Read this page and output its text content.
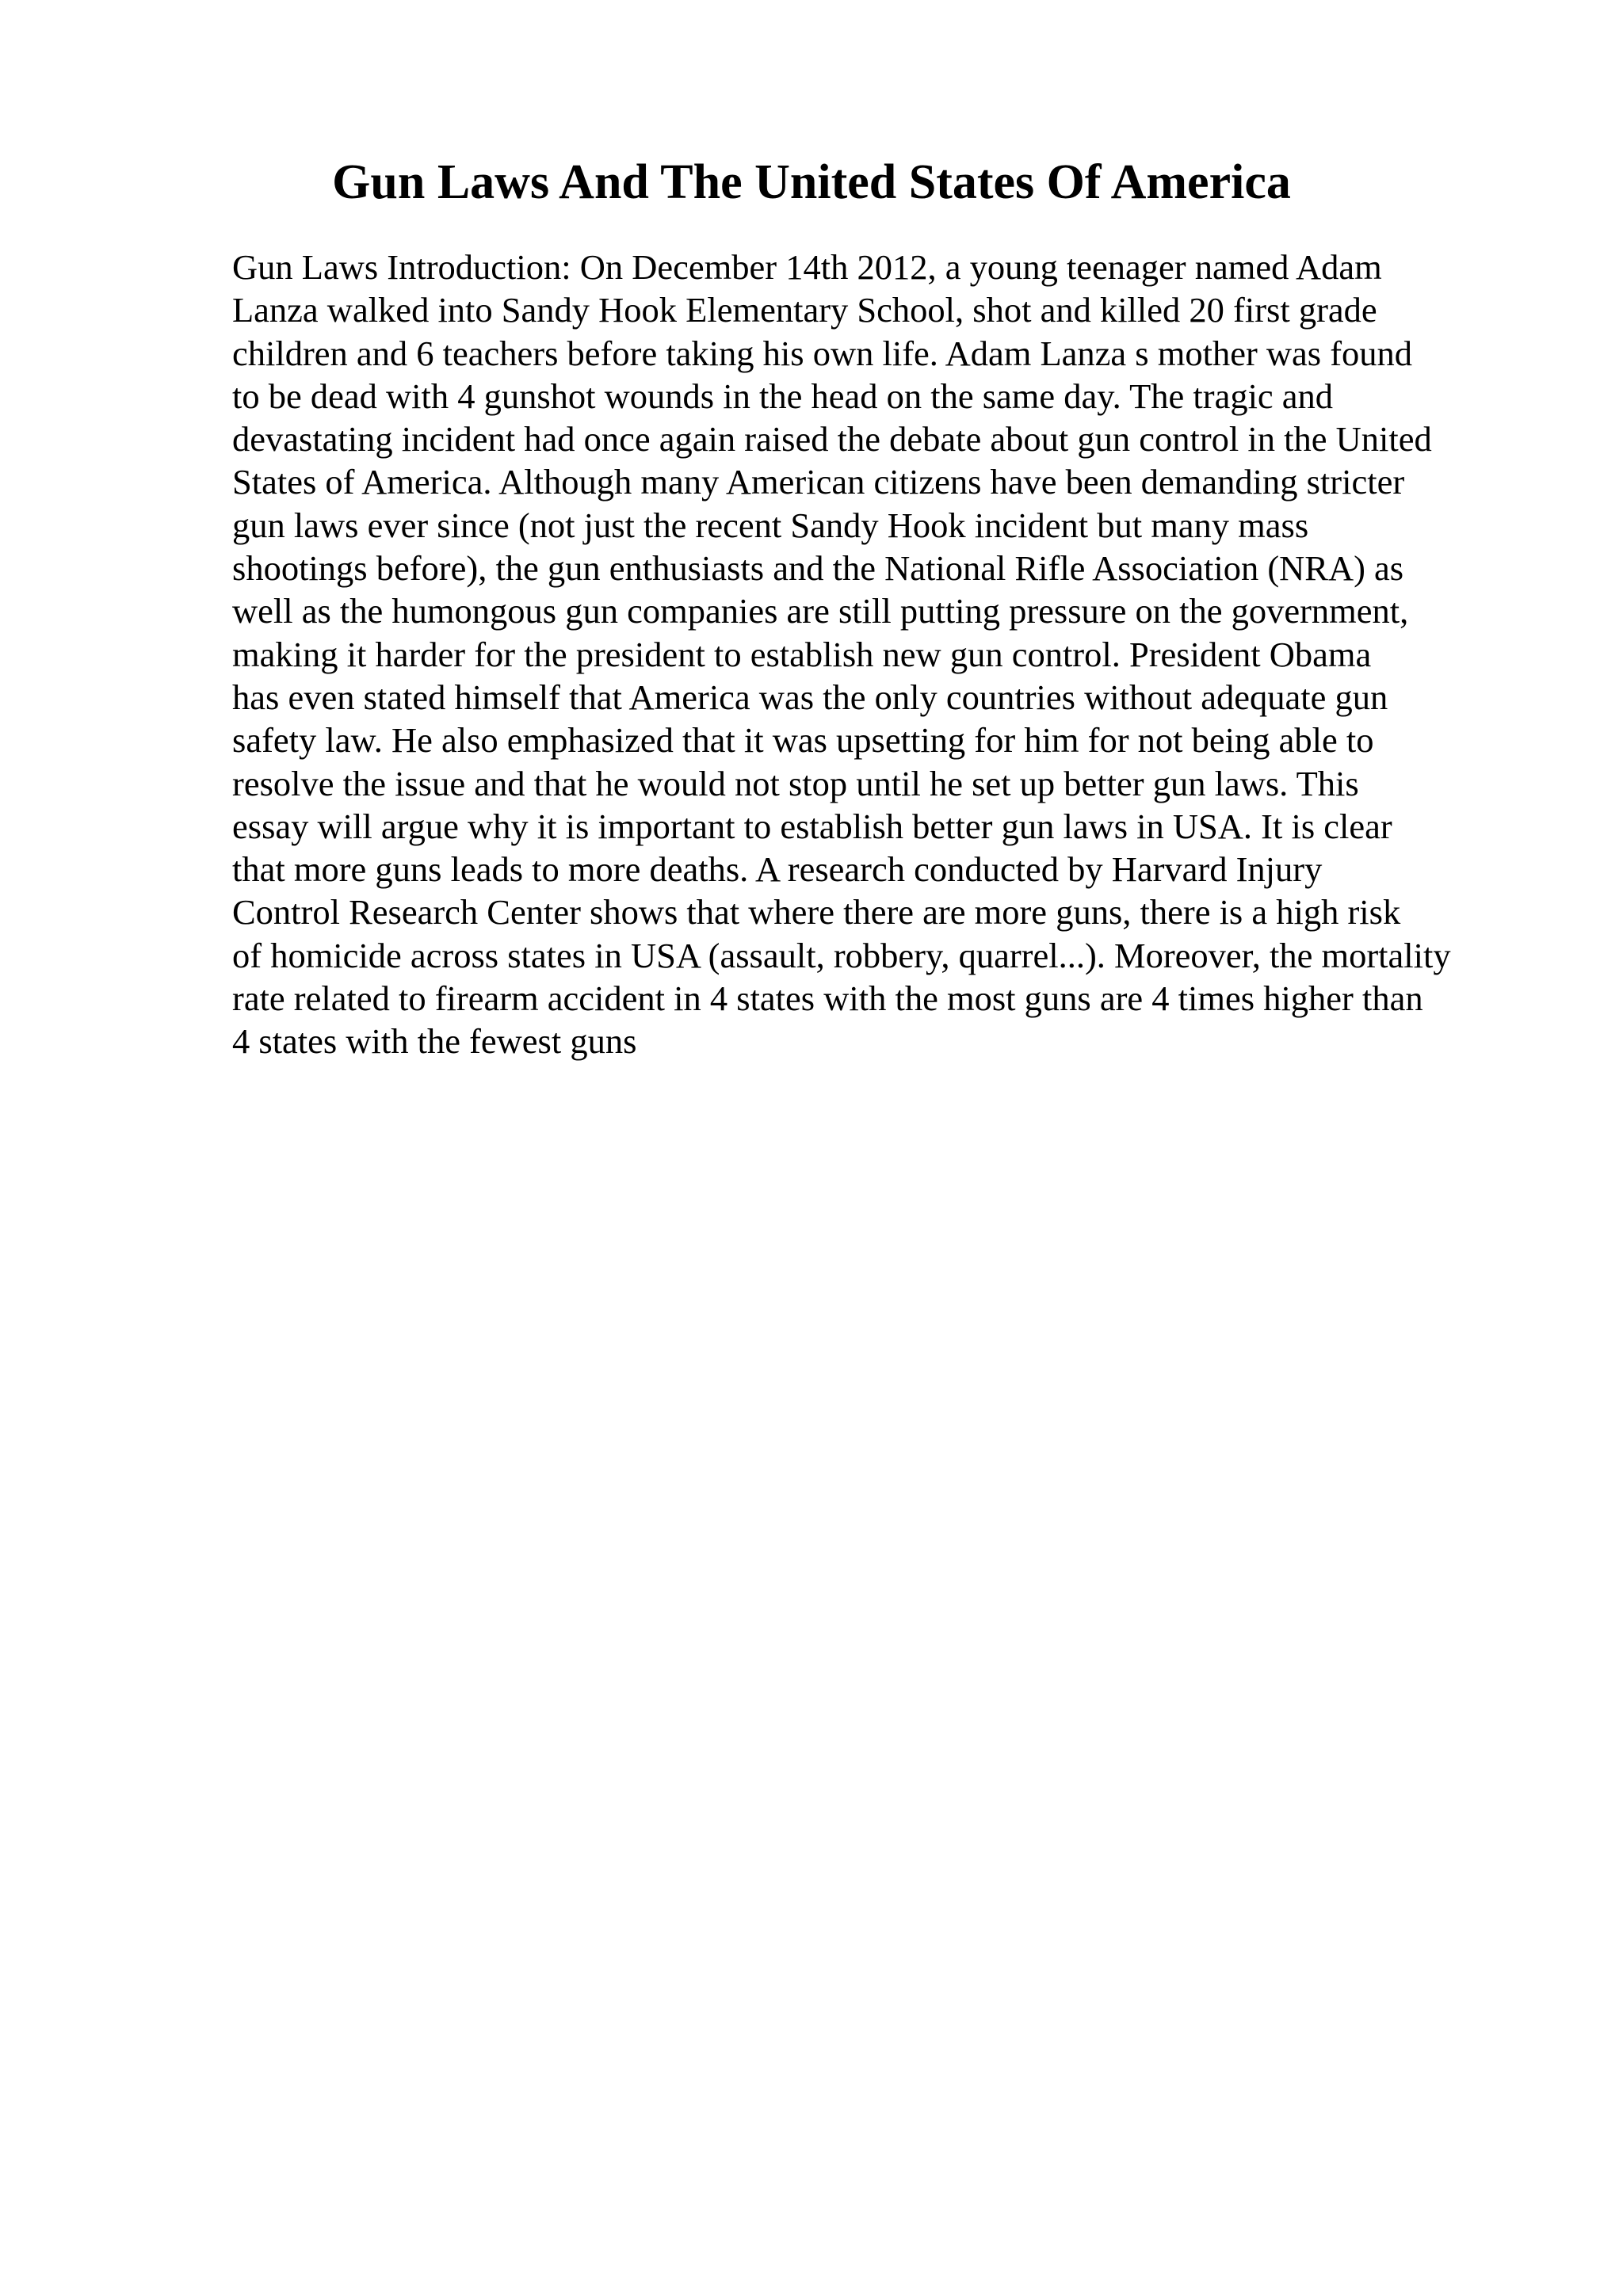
Gun Laws And The United States Of America
Gun Laws Introduction: On December 14th 2012, a young teenager named Adam
Lanza walked into Sandy Hook Elementary School, shot and killed 20 first grade
children and 6 teachers before taking his own life. Adam Lanza s mother was found
to be dead with 4 gunshot wounds in the head on the same day. The tragic and
devastating incident had once again raised the debate about gun control in the United
States of America. Although many American citizens have been demanding stricter
gun laws ever since (not just the recent Sandy Hook incident but many mass
shootings before), the gun enthusiasts and the National Rifle Association (NRA) as
well as the humongous gun companies are still putting pressure on the government,
making it harder for the president to establish new gun control. President Obama
has even stated himself that America was the only countries without adequate gun
safety law. He also emphasized that it was upsetting for him for not being able to
resolve the issue and that he would not stop until he set up better gun laws. This
essay will argue why it is important to establish better gun laws in USA. It is clear
that more guns leads to more deaths. A research conducted by Harvard Injury
Control Research Center shows that where there are more guns, there is a high risk
of homicide across states in USA (assault, robbery, quarrel...). Moreover, the mortality
rate related to firearm accident in 4 states with the most guns are 4 times higher than
4 states with the fewest guns
